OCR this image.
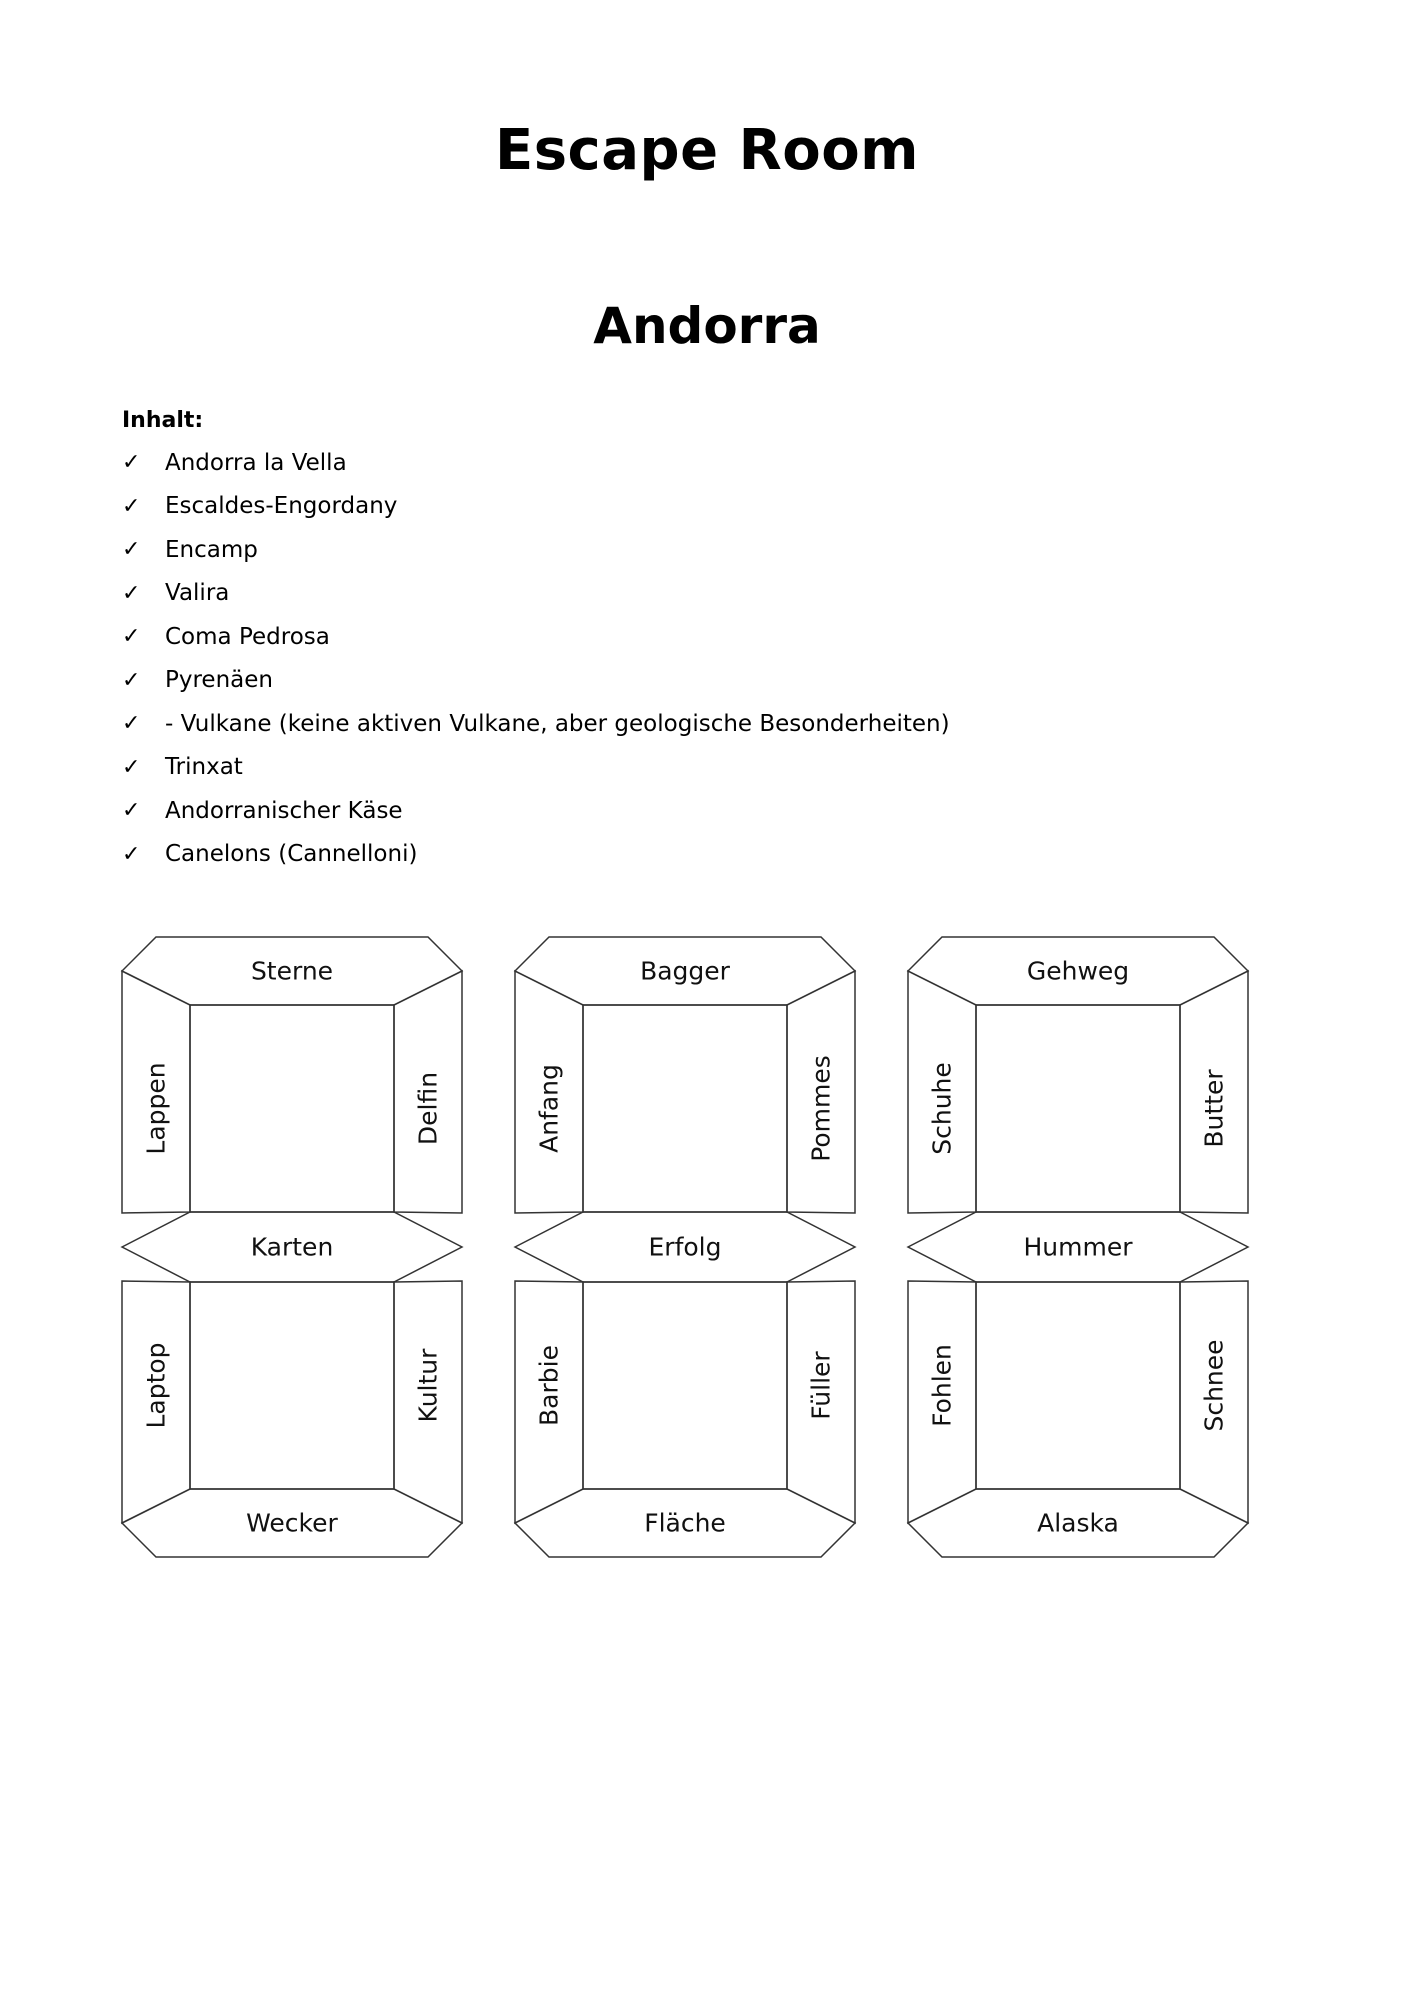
Escape Room
Andorra

Inhalt:

✓	Andorra la Vella
✓	Escaldes-Engordany
✓	Encamp
✓	Valira
✓	Coma Pedrosa
✓	Pyrenäen
✓	- Vulkane (keine aktiven Vulkane, aber geologische Besonderheiten)
✓	Trinxat
✓	Andorranischer Käse
✓	Canelons (Cannelloni)
Sterne
Lappen	Delfin
Karten
Laptop	Kultur
Wecker
Bagger
Anfang	Pommes
Erfolg
Barbie	Füller
Fläche
Gehweg
Schuhe	Butter
Hummer
Fohlen	Schnee
Alaska
